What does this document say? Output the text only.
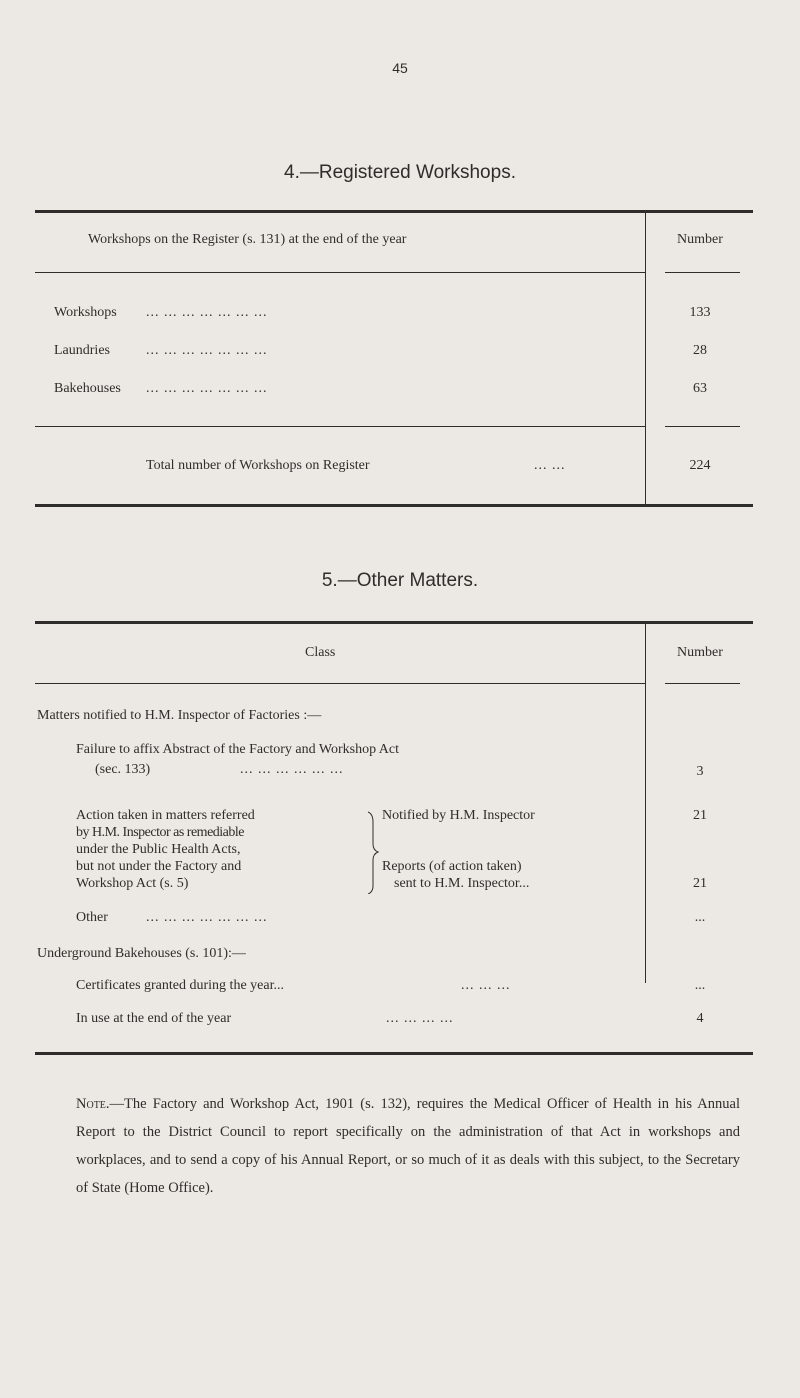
45
4.—Registered Workshops.
Workshops on the Register (s. 131) at the end of the year	Number
Workshops ... ... ... ... ... ... ...	133
Laundries	... ... ... ... ... ... ...	28
Bakehouses ... ... ... ... ... ... ...	63
Total number of Workshops on Register	... ...	224
5.—Other Matters.
Class	Number
Matters notified to H.M. Inspector of Factories :—
Failure to affix Abstract of the Factory and Workshop Act
(sec. 133)	... ... ... ... ... ...	3
Action taken in matters referred
by H.M. Inspector as remediable
under the Public Health Acts,
but not under the Factory and
Workshop Act (s. 5)
Notified by H.M. Inspector	21
Reports (of action taken)
sent to H.M. Inspector...	21
Other	... ... ... ... ... ... ...	...
Underground Bakehouses (s. 101):—
Certificates granted during the year...	... ... ...	...
In use at the end of the year	... ... ... ...	4
Note.—The Factory and Workshop Act, 1901 (s. 132), requires the Medical Officer of Health in his Annual Report to the District Council to report specifically on the administration of that Act in workshops and workplaces, and to send a copy of his Annual Report, or so much of it as deals with this subject, to the Secretary of State (Home Office).
